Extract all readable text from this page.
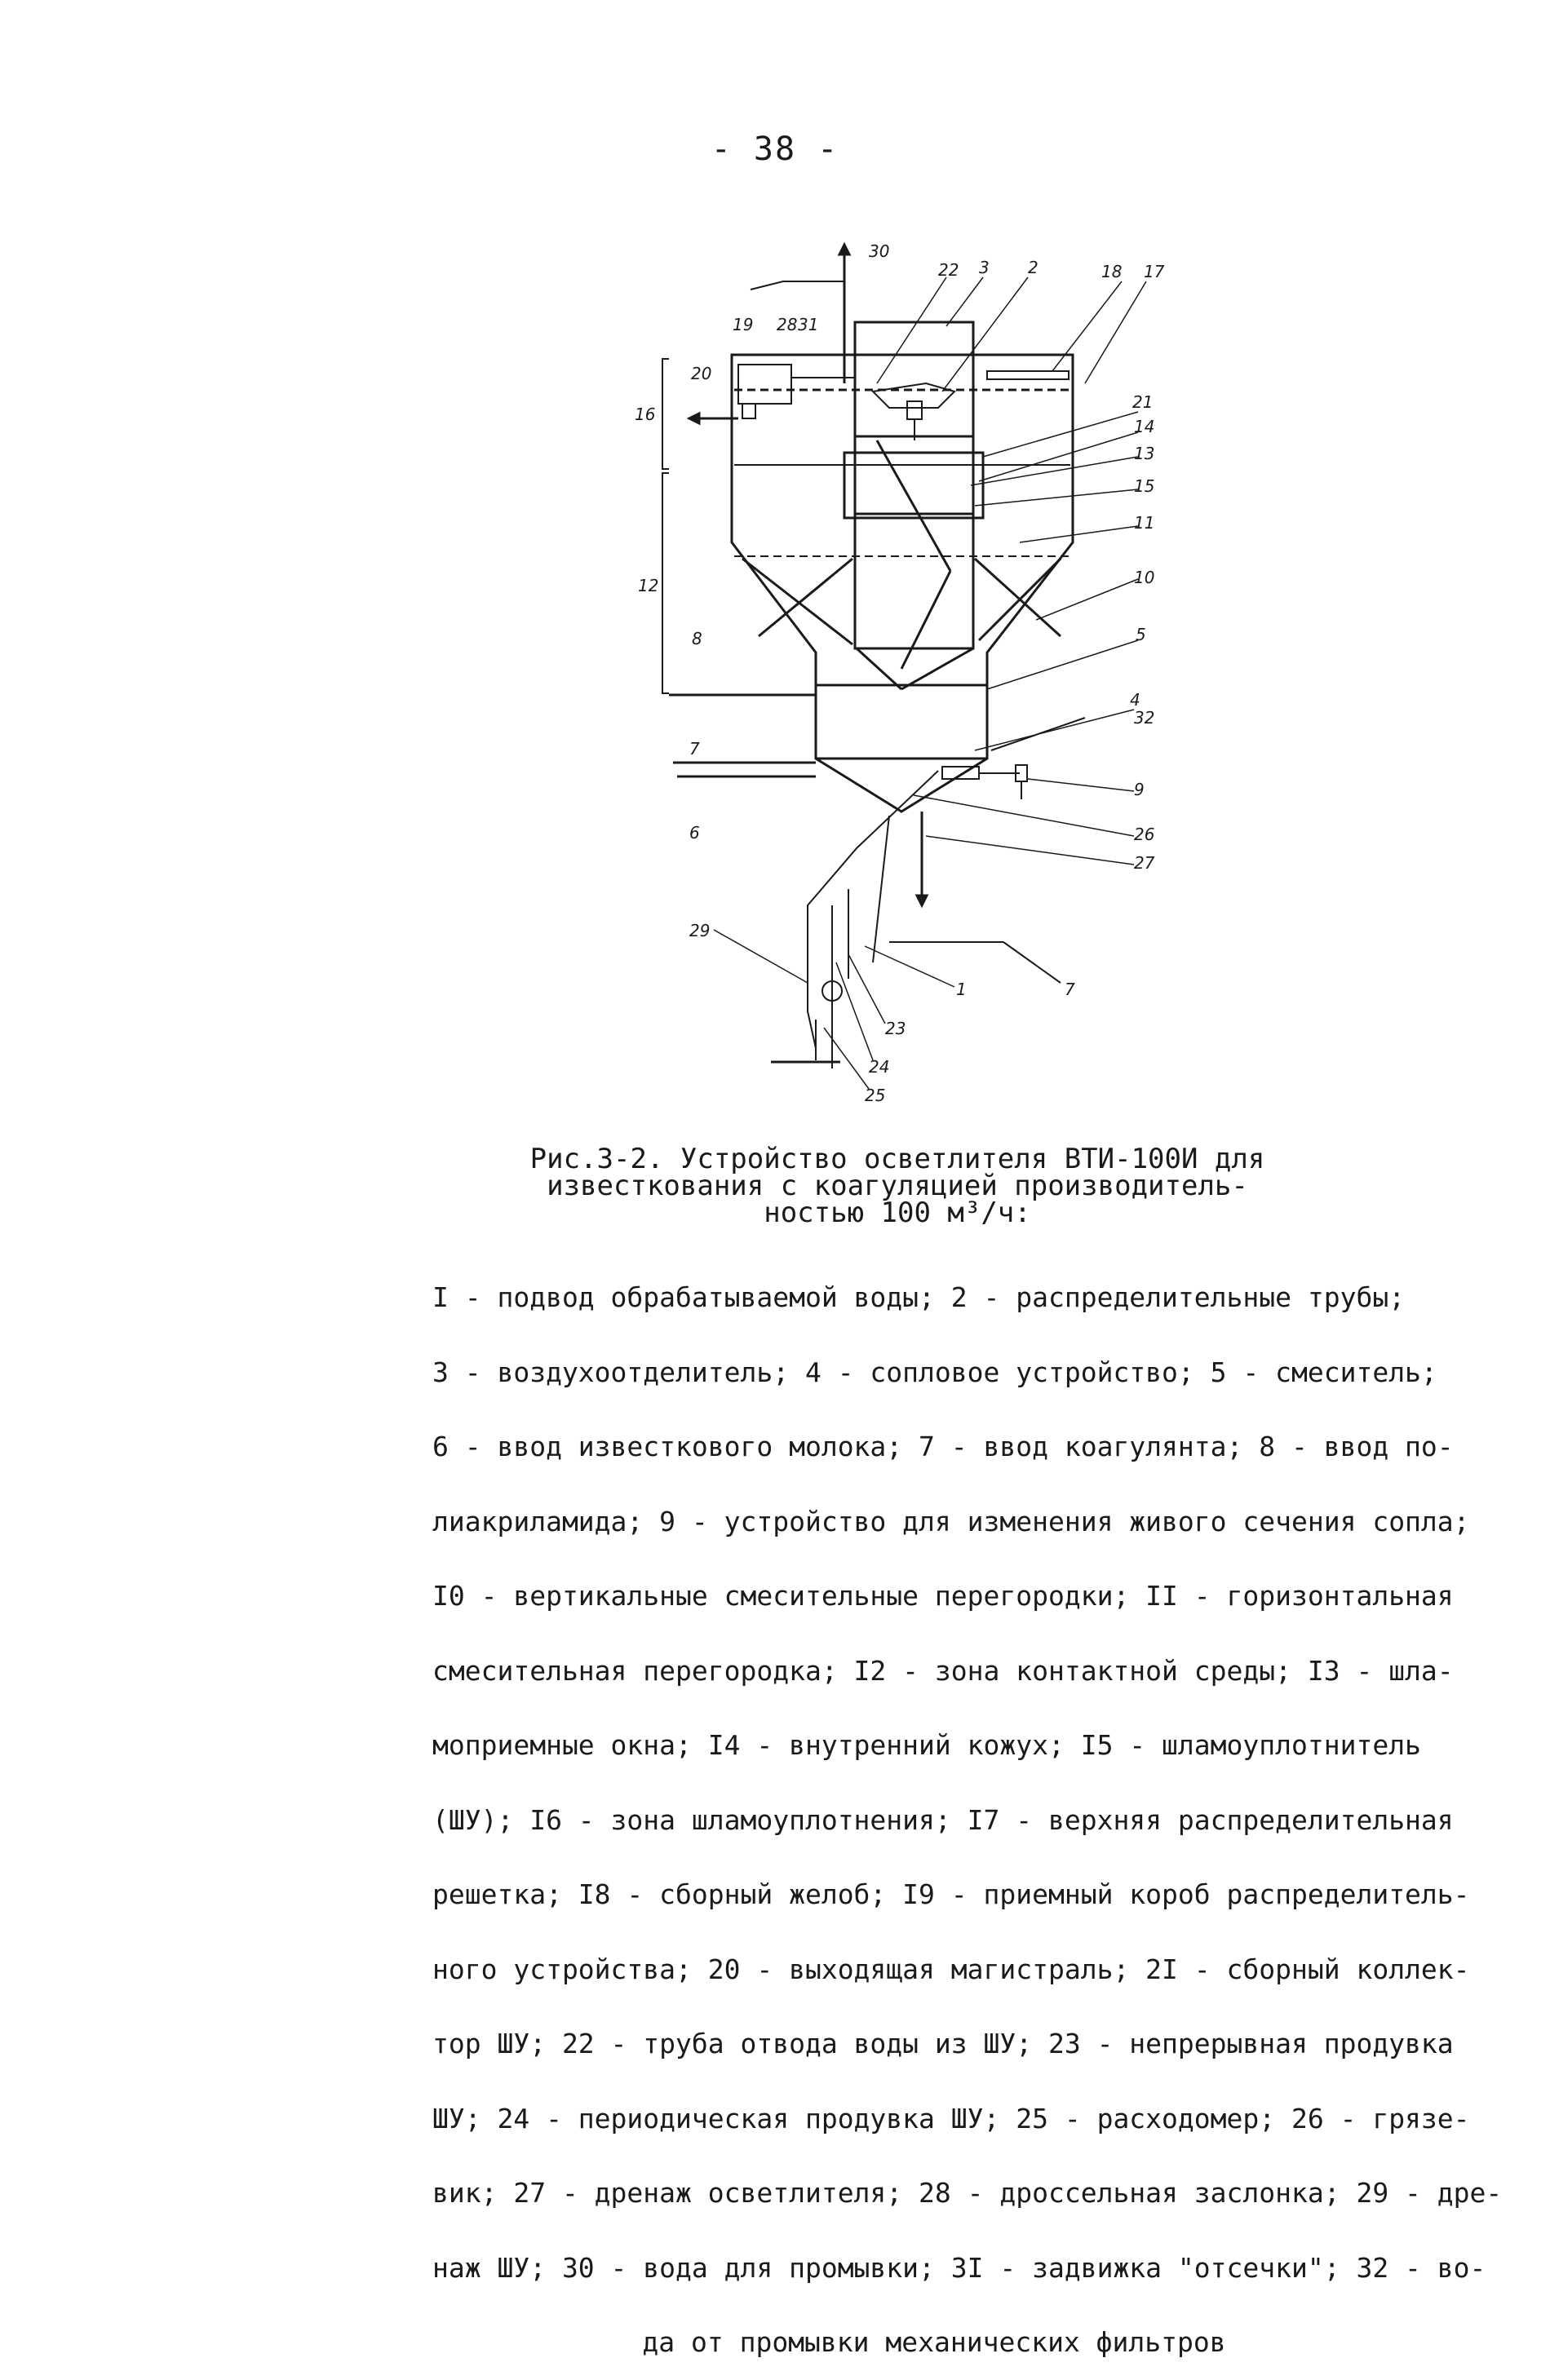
- 38 -
1
2
3
4
5
6
7
8
9
10
11
12
13
14
15
16
17
18
19
20
21
22
23
24
25
26
27
28
29
30
31
32
7
Рис.3-2. Устройство осветлителя ВТИ-100И для
известкования с коагуляцией производитель-
ностью 100 м³/ч:

I - подвод обрабатываемой воды; 2 - распределительные трубы;

3 - воздухоотделитель; 4 - сопловое устройство; 5 - смеситель;

6 - ввод известкового молока; 7 - ввод коагулянта; 8 - ввод по-

лиакриламида; 9 - устройство для изменения живого сечения сопла;

I0 - вертикальные смесительные перегородки; II - горизонтальная

смесительная перегородка; I2 - зона контактной среды; I3 - шла-

моприемные окна; I4 - внутренний кожух; I5 - шламоуплотнитель

(ШУ); I6 - зона шламоуплотнения; I7 - верхняя распределительная

решетка; I8 - сборный желоб; I9 - приемный короб распределитель-

ного устройства; 20 - выходящая магистраль; 2I - сборный коллек-

тор ШУ; 22 - труба отвода воды из ШУ; 23 - непрерывная продувка

ШУ; 24 - периодическая продувка ШУ; 25 - расходомер; 26 - грязе-

вик; 27 - дренаж осветлителя; 28 - дроссельная заслонка; 29 - дре-

наж ШУ; 30 - вода для промывки; 3I - задвижка "отсечки"; 32 - во-

да от промывки механических фильтров
